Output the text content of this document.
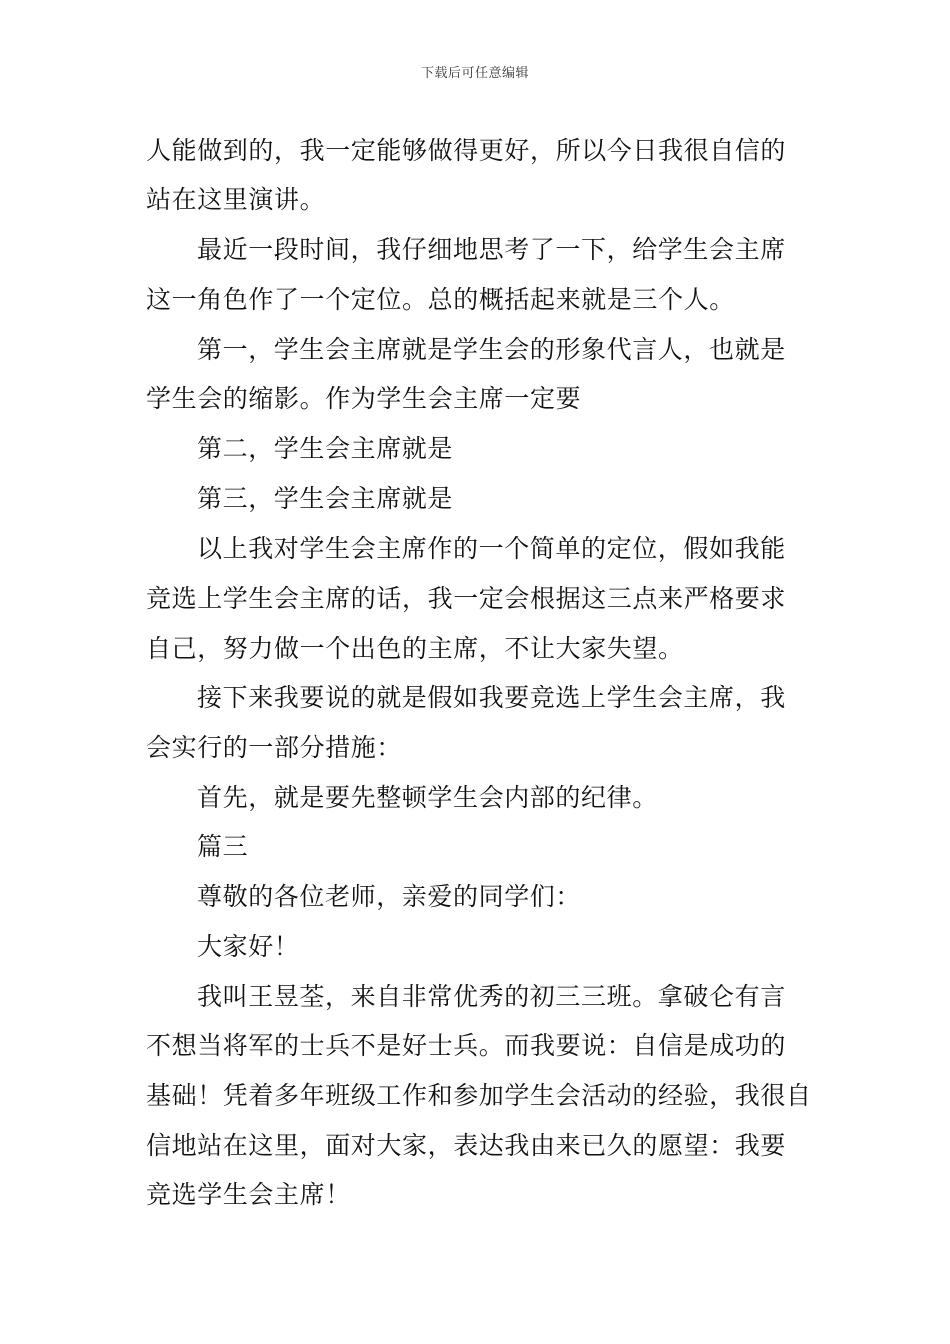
下载后可任意编辑
人能做到的，我一定能够做得更好，所以今日我很自信的
站在这里演讲。
最近一段时间，我仔细地思考了一下，给学生会主席
这一角色作了一个定位。总的概括起来就是三个人。
第一，学生会主席就是学生会的形象代言人，也就是
学生会的缩影。作为学生会主席一定要
第二，学生会主席就是
第三，学生会主席就是
以上我对学生会主席作的一个简单的定位，假如我能
竞选上学生会主席的话，我一定会根据这三点来严格要求
自己，努力做一个出色的主席，不让大家失望。
接下来我要说的就是假如我要竞选上学生会主席，我
会实行的一部分措施：
首先，就是要先整顿学生会内部的纪律。
篇三
尊敬的各位老师，亲爱的同学们：
大家好！
我叫王昱荃，来自非常优秀的初三三班。拿破仑有言
不想当将军的士兵不是好士兵。而我要说：自信是成功的
基础！凭着多年班级工作和参加学生会活动的经验，我很自
信地站在这里，面对大家，表达我由来已久的愿望：我要
竞选学生会主席！
